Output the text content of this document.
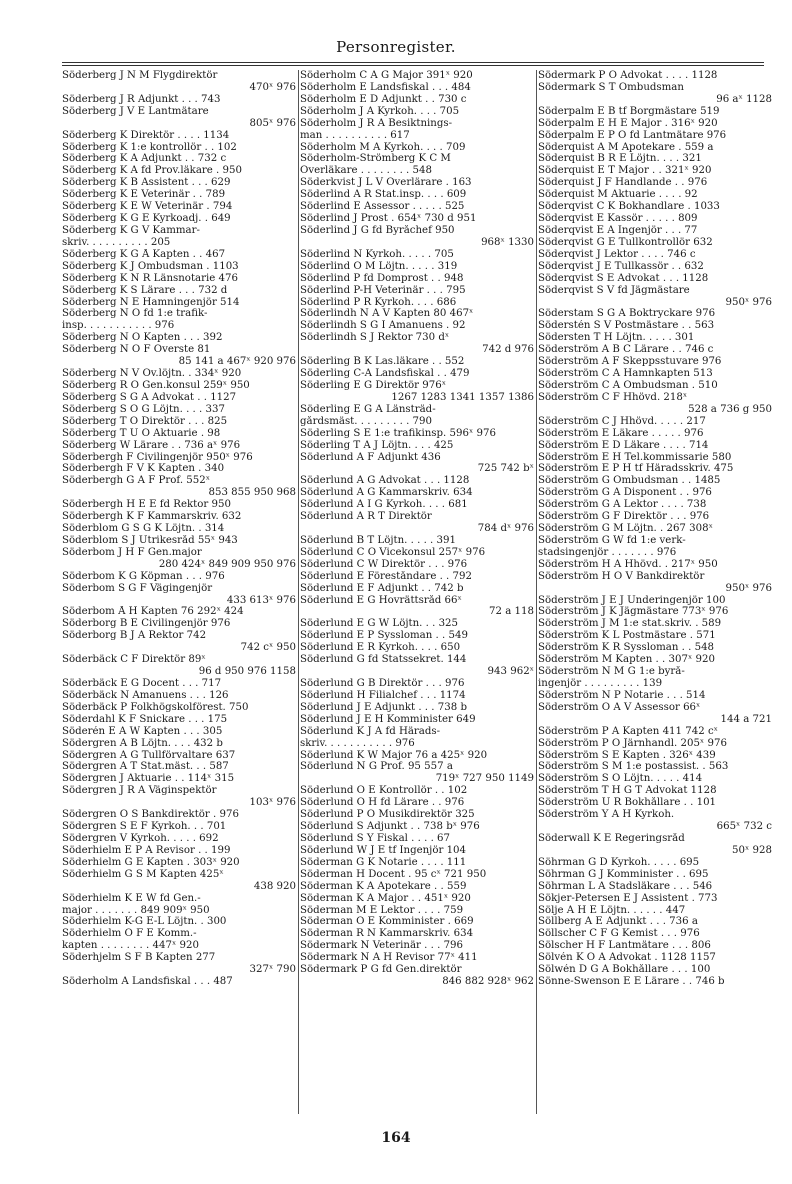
Personregister.
Söderberg J N M Flygdirektör
470ˣ 976
Söderberg J R Adjunkt . . . 743
Söderberg J V E Lantmätare
805ˣ 976
Söderberg K Direktör . . . . 1134
Söderberg K 1:e kontrollör . . 102
Söderberg K A Adjunkt . . 732 c
Söderberg K A fd Prov.läkare . 950
Söderberg K B Assistent . . . 629
Söderberg K E Veterinär . . 789
Söderberg K E W Veterinär . 794
Söderberg K G E Kyrkoadj. . 649
Söderberg K G V Kammar-
skriv. . . . . . . . . . 205
Söderberg K G Å Kapten . . 467
Söderberg K J Ombudsman . 1103
Söderberg K N R Länsnotarie 476
Söderberg K S Lärare . . . 732 d
Söderberg N E Hamningenjör 514
Söderberg N O fd 1:e trafik-
insp. . . . . . . . . . . 976
Söderberg N O Kapten . . . 392
Söderberg N O F Överste 81
85 141 a 467ˣ 920 976
Söderberg N V Öv.löjtn. . 334ˣ 920
Söderberg R O Gen.konsul 259ˣ 950
Söderberg S G A Advokat . . 1127
Söderberg S O G Löjtn. . . . 337
Söderberg T O Direktör . . . 825
Söderberg T U O Aktuarie . 98
Söderberg W Lärare . . 736 aˣ 976
Söderbergh F Civilingenjör 950ˣ 976
Söderbergh F V K Kapten . 340
Söderbergh G A F Prof. 552ˣ
853 855 950 968
Söderbergh H E E fd Rektor 950
Söderbergh K F Kammarskriv. 632
Söderblom G S G K Löjtn. . 314
Söderblom S J Utrikesråd 55ˣ 943
Söderbom J H F Gen.major
280 424ˣ 849 909 950 976
Söderbom K G Köpman . . . 976
Söderbom S G F Vägingenjör
433 613ˣ 976
Söderbom Å H Kapten 76 292ˣ 424
Söderborg B E Civilingenjör 976
Söderborg B J A Rektor 742
742 cˣ 950
Söderbäck C F Direktör 89ˣ
96 d 950 976 1158
Söderbäck E G Docent . . . 717
Söderbäck N Amanuens . . . 126
Söderbäck P Folkhögskolförest. 750
Söderdahl K F Snickare . . . 175
Söderén E A W Kapten . . . 305
Södergren A B Löjtn. . . . 432 b
Södergren A G Tullförvaltare 637
Södergren A T Stat.mäst. . . 587
Södergren J Aktuarie . . 114ˣ 315
Södergren J R A Väginspektör
103ˣ 976
Södergren O S Bankdirektör . 976
Södergren S E F Kyrkoh. . . 701
Södergren V Kyrkoh. . . . . 692
Söderhielm E P A Revisor . . 199
Söderhielm G E Kapten . 303ˣ 920
Söderhielm G S M Kapten 425ˣ
438 920
Söderhielm K E W fd Gen.-
major . . . . . . . 849 909ˣ 950
Söderhielm K-G E-L Löjtn. . 300
Söderhielm O F E Komm.-
kapten . . . . . . . . 447ˣ 920
Söderhjelm S F B Kapten 277
327ˣ 790
Söderholm A Landsfiskal . . . 487
Söderholm C A G Major 391ˣ 920
Söderholm E Landsfiskal . . . 484
Söderholm E D Adjunkt . . 730 c
Söderholm J A Kyrkoh. . . . 705
Söderholm J R A Besiktnings-
man . . . . . . . . . . 617
Söderholm M A Kyrkoh. . . . 709
Söderholm-Strömberg K C M
Överläkare . . . . . . . . 548
Söderkvist J L V Överlärare . 163
Söderlind A R Stat.insp. . . . 609
Söderlind E Assessor . . . . . 525
Söderlind J Prost . 654ˣ 730 d 951
Söderlind J G fd Byråchef 950
968ˣ 1330
Söderlind N Kyrkoh. . . . . 705
Söderlind O M Löjtn. . . . . 319
Söderlind P fd Domprost . . 948
Söderlind P-H Veterinär . . . 795
Söderlind P R Kyrkoh. . . . 686
Söderlindh N A V Kapten 80 467ˣ
Söderlindh S G I Amanuens . 92
Söderlindh S J Rektor 730 dˣ
742 d 976
Söderling B K Las.läkare . . 552
Söderling C-A Landsfiskal . . 479
Söderling E G Direktör 976ˣ
1267 1283 1341 1357 1386
Söderling E G A Länsträd-
gårdsmäst. . . . . . . . . 790
Söderling S E 1:e trafikinsp. 596ˣ 976
Söderling T A J Löjtn. . . . 425
Söderlund A F Adjunkt 436
725 742 bˣ
Söderlund A G Advokat . . . 1128
Söderlund A G Kammarskriv. 634
Söderlund A I G Kyrkoh. . . . 681
Söderlund A R T Direktör
784 dˣ 976
Söderlund B T Löjtn. . . . . 391
Söderlund C O Vicekonsul 257ˣ 976
Söderlund C W Direktör . . . 976
Söderlund E Föreståndare . . 792
Söderlund E F Adjunkt . . 742 b
Söderlund E G Hovrättsråd 66ˣ
72 a 118
Söderlund E G W Löjtn. . . 325
Söderlund E P Syssloman . . 549
Söderlund E R Kyrkoh. . . . 650
Söderlund G fd Statssekret. 144
943 962ˣ
Söderlund G B Direktör . . . 976
Söderlund H Filialchef . . . 1174
Söderlund J E Adjunkt . . . 738 b
Söderlund J E H Komminister 649
Söderlund K J A fd Härads-
skriv. . . . . . . . . . . 976
Söderlund K W Major 76 a 425ˣ 920
Söderlund N G Prof. 95 557 a
719ˣ 727 950 1149
Söderlund O E Kontrollör . . 102
Söderlund O H fd Lärare . . 976
Söderlund P O Musikdirektör 325
Söderlund S Adjunkt . . 738 bˣ 976
Söderlund S Y Fiskal . . . . 67
Söderlund W J E tf Ingenjör 104
Söderman G K Notarie . . . . 111
Söderman H Docent . 95 cˣ 721 950
Söderman K A Apotekare . . 559
Söderman K A Major . . 451ˣ 920
Söderman M E Lektor . . . . 759
Söderman O E Komminister . 669
Söderman R N Kammarskriv. 634
Södermark N Veterinär . . . 796
Södermark N A H Revisor 77ˣ 411
Södermark P G fd Gen.direktör
846 882 928ˣ 962
Södermark P O Advokat . . . . 1128
Södermark S T Ombudsman
96 aˣ 1128
Söderpalm E B tf Borgmästare 519
Söderpalm E H E Major . 316ˣ 920
Söderpalm E P O fd Lantmätare 976
Söderquist A M Apotekare . 559 a
Söderquist B R E Löjtn. . . . 321
Söderquist E T Major . . 321ˣ 920
Söderquist J F Handlande . . 976
Söderquist M Aktuarie . . . . 92
Söderqvist C K Bokhandlare . 1033
Söderqvist E Kassör . . . . . 809
Söderqvist E A Ingenjör . . . 77
Söderqvist G E Tullkontrollör 632
Söderqvist J Lektor . . . . 746 c
Söderqvist J E Tullkassör . . 632
Söderqvist S E Advokat . . . 1128
Söderqvist S V fd Jägmästare
950ˣ 976
Söderstam S G A Boktryckare 976
Söderstén S V Postmästare . . 563
Södersten T H Löjtn. . . . . 301
Söderström A B C Lärare . . 746 c
Söderström A F Skeppsstuvare 976
Söderström C A Hamnkapten 513
Söderström C A Ombudsman . 510
Söderström C F Hhövd. 218ˣ
528 a 736 g 950
Söderström C J Hhövd. . . . . 217
Söderström E Läkare . . . . . 976
Söderström E D Läkare . . . . 714
Söderström E H Tel.kommissarie 580
Söderström E P H tf Häradsskriv. 475
Söderström G Ombudsman . . 1485
Söderström G A Disponent . . 976
Söderström G A Lektor . . . . 738
Söderström G F Direktör . . . 976
Söderström G M Löjtn. . 267 308ˣ
Söderström G W fd 1:e verk-
stadsingenjör . . . . . . . 976
Söderström H A Hhövd. . 217ˣ 950
Söderström H O V Bankdirektör
950ˣ 976
Söderström J E J Underingenjör 100
Söderström J K Jägmästare 773ˣ 976
Söderström J M 1:e stat.skriv. . 589
Söderström K L Postmästare . 571
Söderström K R Syssloman . . 548
Söderström M Kapten . . 307ˣ 920
Söderström N M G 1:e byrå-
ingenjör . . . . . . . . . 139
Söderström N P Notarie . . . 514
Söderström O A V Assessor 66ˣ
144 a 721
Söderström P A Kapten 411 742 cˣ
Söderström P O Järnhandl. 205ˣ 976
Söderström S E Kapten . 326ˣ 439
Söderström S M 1:e postassist. . 563
Söderström S O Löjtn. . . . . 414
Söderström T H G T Advokat 1128
Söderström U R Bokhållare . . 101
Söderström Y A H Kyrkoh.
665ˣ 732 c
Söderwall K E Regeringsråd
50ˣ 928
Söhrman G D Kyrkoh. . . . . 695
Söhrman G J Komminister . . 695
Söhrman L A Stadsläkare . . . 546
Sökjer-Petersen E J Assistent . 773
Sölje A H E Löjtn. . . . . . 447
Söllberg A E Adjunkt . . . 736 a
Söllscher C F G Kemist . . . 976
Sölscher H F Lantmätare . . . 806
Sölvén K O A Advokat . 1128 1157
Sölwén D G A Bokhållare . . . 100
Sönne-Swenson E E Lärare . . 746 b
164
